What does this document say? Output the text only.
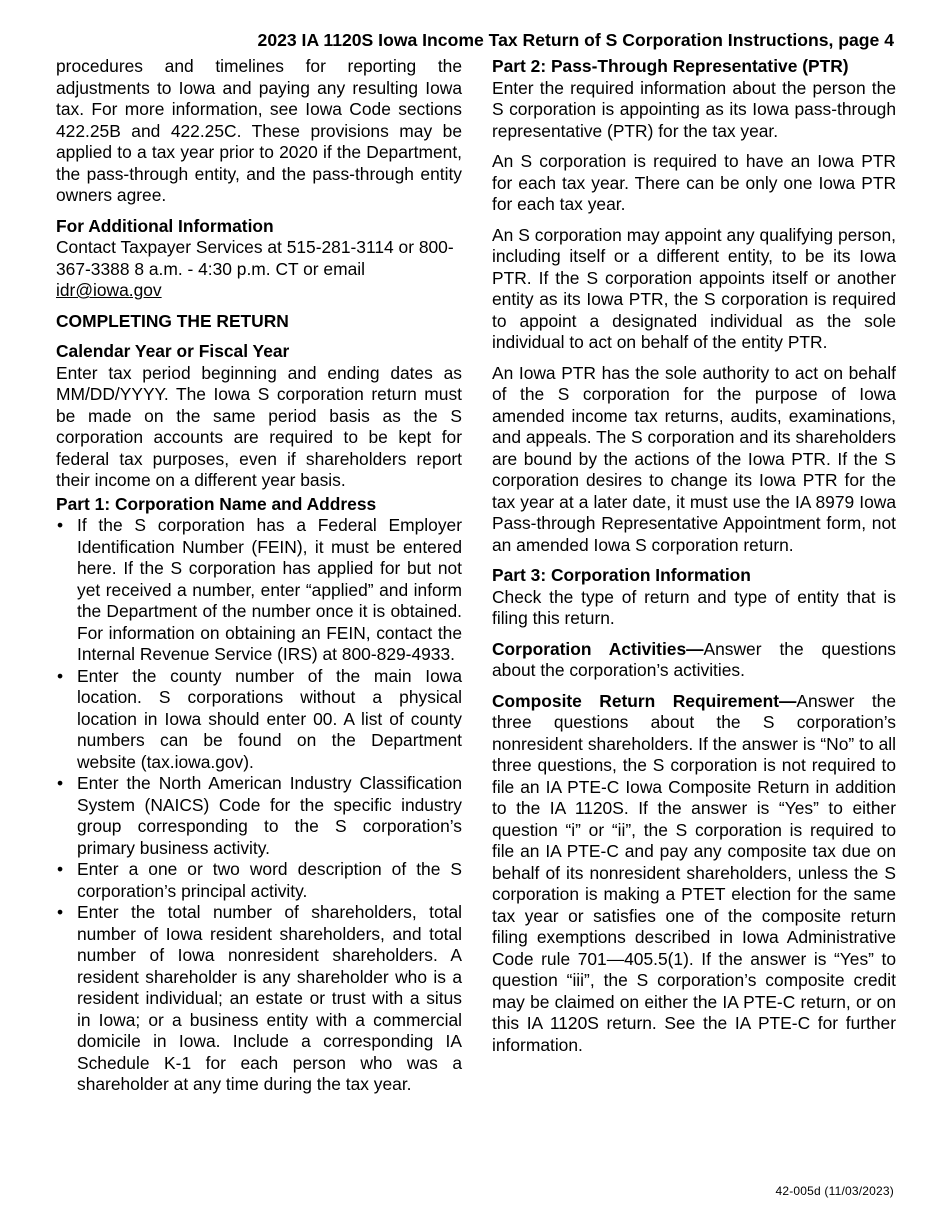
2023 IA 1120S Iowa Income Tax Return of S Corporation Instructions, page 4

procedures and timelines for reporting the adjustments to Iowa and paying any resulting Iowa tax. For more information, see Iowa Code sections 422.25B and 422.25C. These provisions may be applied to a tax year prior to 2020 if the Department, the pass-through entity, and the pass-through entity owners agree.

For Additional Information

Contact Taxpayer Services at 515-281-3114 or 800-367-3388 8 a.m. - 4:30 p.m. CT or email idr@iowa.gov

COMPLETING THE RETURN

Calendar Year or Fiscal Year

Enter tax period beginning and ending dates as MM/DD/YYYY. The Iowa S corporation return must be made on the same period basis as the S corporation accounts are required to be kept for federal tax purposes, even if shareholders report their income on a different year basis.

Part 1: Corporation Name and Address

• If the S corporation has a Federal Employer Identification Number (FEIN), it must be entered here. If the S corporation has applied for but not yet received a number, enter “applied” and inform the Department of the number once it is obtained. For information on obtaining an FEIN, contact the Internal Revenue Service (IRS) at 800-829-4933.
• Enter the county number of the main Iowa location. S corporations without a physical location in Iowa should enter 00. A list of county numbers can be found on the Department website (tax.iowa.gov).
• Enter the North American Industry Classification System (NAICS) Code for the specific industry group corresponding to the S corporation’s primary business activity.
• Enter a one or two word description of the S corporation’s principal activity.
• Enter the total number of shareholders, total number of Iowa resident shareholders, and total number of Iowa nonresident shareholders. A resident shareholder is any shareholder who is a resident individual; an estate or trust with a situs in Iowa; or a business entity with a commercial domicile in Iowa. Include a corresponding IA Schedule K-1 for each person who was a shareholder at any time during the tax year.

Part 2: Pass-Through Representative (PTR)

Enter the required information about the person the S corporation is appointing as its Iowa pass-through representative (PTR) for the tax year.

An S corporation is required to have an Iowa PTR for each tax year. There can be only one Iowa PTR for each tax year.

An S corporation may appoint any qualifying person, including itself or a different entity, to be its Iowa PTR. If the S corporation appoints itself or another entity as its Iowa PTR, the S corporation is required to appoint a designated individual as the sole individual to act on behalf of the entity PTR.

An Iowa PTR has the sole authority to act on behalf of the S corporation for the purpose of Iowa amended income tax returns, audits, examinations, and appeals. The S corporation and its shareholders are bound by the actions of the Iowa PTR. If the S corporation desires to change its Iowa PTR for the tax year at a later date, it must use the IA 8979 Iowa Pass-through Representative Appointment form, not an amended Iowa S corporation return.

Part 3: Corporation Information

Check the type of return and type of entity that is filing this return.

Corporation Activities—Answer the questions about the corporation’s activities.

Composite Return Requirement—Answer the three questions about the S corporation’s nonresident shareholders. If the answer is “No” to all three questions, the S corporation is not required to file an IA PTE-C Iowa Composite Return in addition to the IA 1120S. If the answer is “Yes” to either question “i” or “ii”, the S corporation is required to file an IA PTE-C and pay any composite tax due on behalf of its nonresident shareholders, unless the S corporation is making a PTET election for the same tax year or satisfies one of the composite return filing exemptions described in Iowa Administrative Code rule 701—405.5(1). If the answer is “Yes” to question “iii”, the S corporation’s composite credit may be claimed on either the IA PTE-C return, or on this IA 1120S return. See the IA PTE-C for further information.

42-005d (11/03/2023)
